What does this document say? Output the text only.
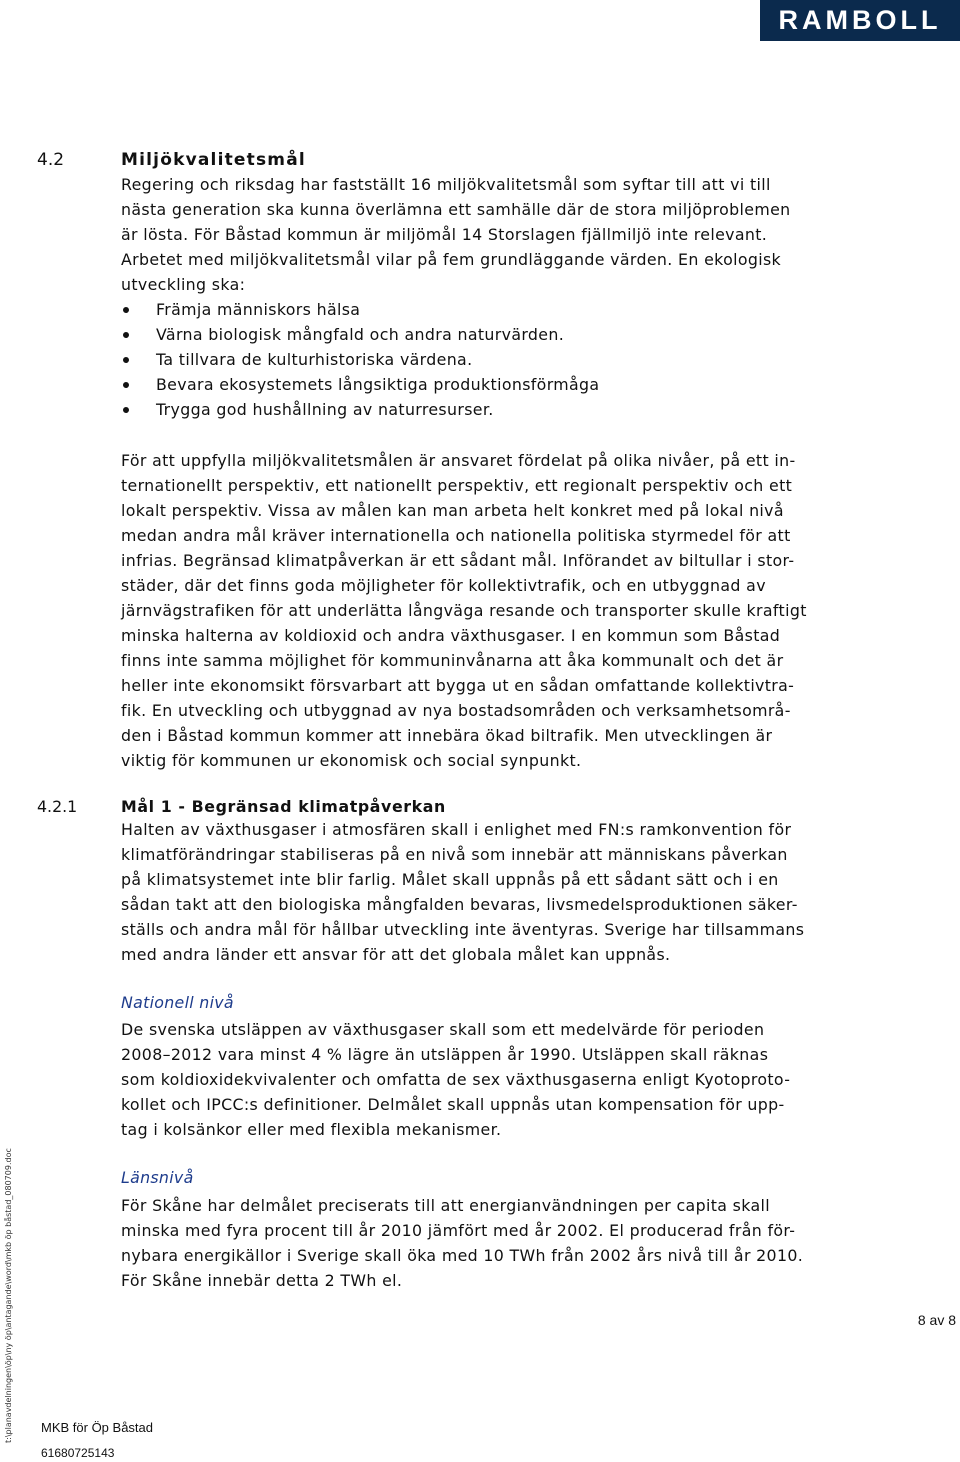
RAMBOLL
4.2	Miljökvalitetsmål

Regering och riksdag har fastställt 16 miljökvalitetsmål som syftar till att vi till
nästa generation ska kunna överlämna ett samhälle där de stora miljöproblemen
är lösta. För Båstad kommun är miljömål 14 Storslagen fjällmiljö inte relevant.
Arbetet med miljökvalitetsmål vilar på fem grundläggande värden. En ekologisk
utveckling ska:

Främja människors hälsa
Värna biologisk mångfald och andra naturvärden.
Ta tillvara de kulturhistoriska värdena.
Bevara ekosystemets långsiktiga produktionsförmåga
Trygga god hushållning av naturresurser.

För att uppfylla miljökvalitetsmålen är ansvaret fördelat på olika nivåer, på ett in-
ternationellt perspektiv, ett nationellt perspektiv, ett regionalt perspektiv och ett
lokalt perspektiv. Vissa av målen kan man arbeta helt konkret med på lokal nivå
medan andra mål kräver internationella och nationella politiska styrmedel för att
infrias. Begränsad klimatpåverkan är ett sådant mål. Införandet av biltullar i stor-
städer, där det finns goda möjligheter för kollektivtrafik, och en utbyggnad av
järnvägstrafiken för att underlätta långväga resande och transporter skulle kraftigt
minska halterna av koldioxid och andra växthusgaser. I en kommun som Båstad
finns inte samma möjlighet för kommuninvånarna att åka kommunalt och det är
heller inte ekonomsikt försvarbart att bygga ut en sådan omfattande kollektivtra-
fik. En utveckling och utbyggnad av nya bostadsområden och verksamhetsområ-
den i Båstad kommun kommer att innebära ökad biltrafik. Men utvecklingen är
viktig för kommunen ur ekonomisk och social synpunkt.

4.2.1	Mål 1 - Begränsad klimatpåverkan

Halten av växthusgaser i atmosfären skall i enlighet med FN:s ramkonvention för
klimatförändringar stabiliseras på en nivå som innebär att människans påverkan
på klimatsystemet inte blir farlig. Målet skall uppnås på ett sådant sätt och i en
sådan takt att den biologiska mångfalden bevaras, livsmedelsproduktionen säker-
ställs och andra mål för hållbar utveckling inte äventyras. Sverige har tillsammans
med andra länder ett ansvar för att det globala målet kan uppnås.

Nationell nivå

De svenska utsläppen av växthusgaser skall som ett medelvärde för perioden
2008–2012 vara minst 4 % lägre än utsläppen år 1990. Utsläppen skall räknas
som koldioxidekvivalenter och omfatta de sex växthusgaserna enligt Kyotoproto-
kollet och IPCC:s definitioner. Delmålet skall uppnås utan kompensation för upp-
tag i kolsänkor eller med flexibla mekanismer.

Länsnivå

För Skåne har delmålet preciserats till att energianvändningen per capita skall
minska med fyra procent till år 2010 jämfört med år 2002. El producerad från för-
nybara energikällor i Sverige skall öka med 10 TWh från 2002 års nivå till år 2010.
För Skåne innebär detta 2 TWh el.

t:\planavdelningen\öp\ny öp\antagande\word\mkb öp båstad_080709.doc	8 av 8
MKB för Öp Båstad
61680725143
